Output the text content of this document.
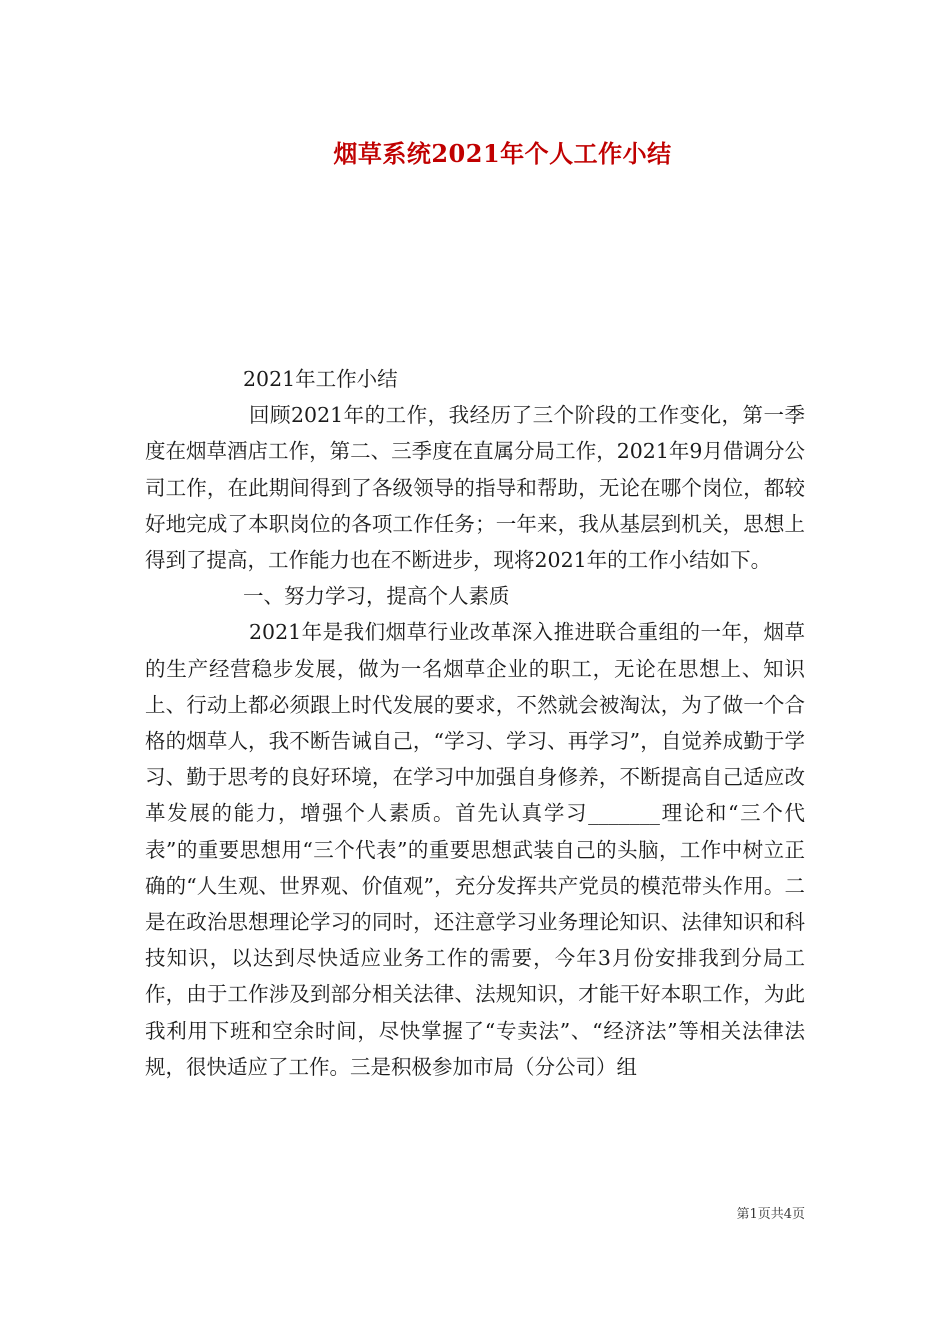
烟草系统2021年个人工作小结

2021年工作小结

回顾2021年的工作，我经历了三个阶段的工作变化，第一季度在烟草酒店工作，第二、三季度在直属分局工作，2021年9月借调分公司工作，在此期间得到了各级领导的指导和帮助，无论在哪个岗位，都较好地完成了本职岗位的各项工作任务；一年来，我从基层到机关，思想上得到了提高，工作能力也在不断进步，现将2021年的工作小结如下。

一、努力学习，提高个人素质

2021年是我们烟草行业改革深入推进联合重组的一年，烟草的生产经营稳步发展，做为一名烟草企业的职工，无论在思想上、知识上、行动上都必须跟上时代发展的要求，不然就会被淘汰，为了做一个合格的烟草人，我不断告诫自己，“学习、学习、再学习”，自觉养成勤于学习、勤于思考的良好环境，在学习中加强自身修养，不断提高自己适应改革发展的能力，增强个人素质。首先认真学习_______理论和“三个代表”的重要思想用“三个代表”的重要思想武装自己的头脑，工作中树立正确的“人生观、世界观、价值观”，充分发挥共产党员的模范带头作用。二是在政治思想理论学习的同时，还注意学习业务理论知识、法律知识和科技知识，以达到尽快适应业务工作的需要，今年3月份安排我到分局工作，由于工作涉及到部分相关法律、法规知识，才能干好本职工作，为此我利用下班和空余时间，尽快掌握了“专卖法”、“经济法”等相关法律法规，很快适应了工作。三是积极参加市局（分公司）组

第1页共4页
